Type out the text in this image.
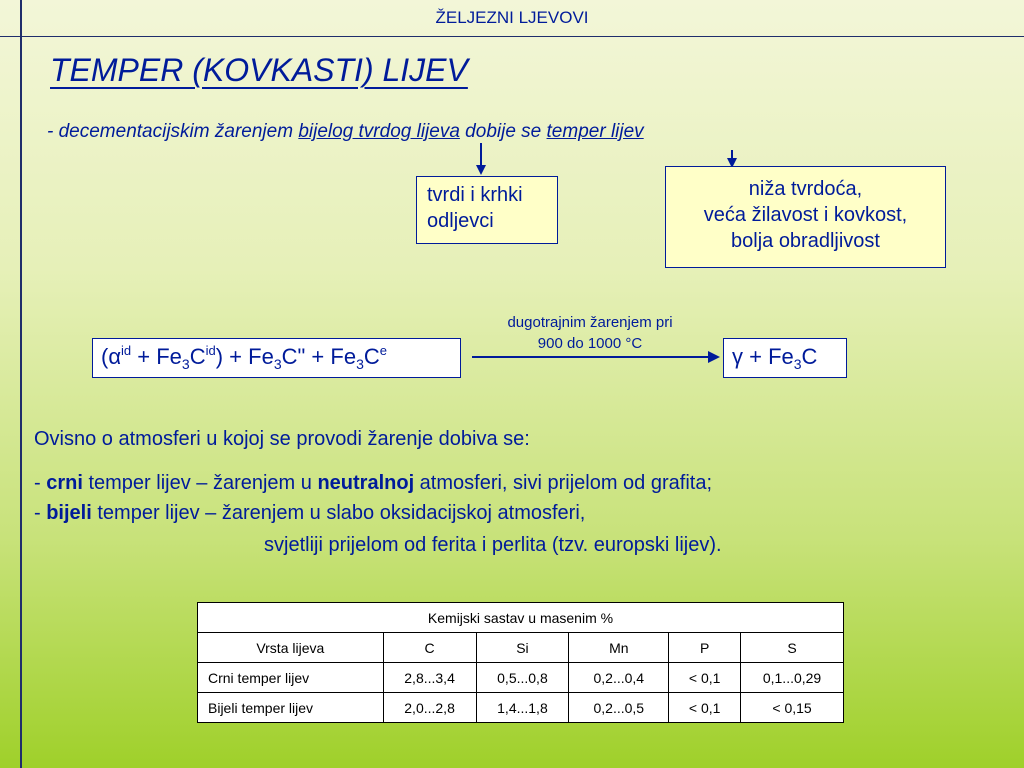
ŽELJEZNI LJEVOVI
TEMPER (KOVKASTI) LIJEV
- decementacijskim žarenjem bijelog tvrdog lijeva dobije se temper lijev
tvrdi i krhki
odljevci
niža tvrdoća,
veća žilavost i kovkost,
bolja obradljivost
dugotrajnim žarenjem pri
900 do 1000 °C
$(\alpha^{id} + Fe_3C^{id}) + Fe_3C$" + $Fe_3C^e$	$\gamma + Fe_3C$
Ovisno o atmosferi u kojoj se provodi žarenje dobiva se:
- crni temper lijev – žarenjem u neutralnoj atmosferi, sivi prijelom od grafita;
- bijeli temper lijev – žarenjem u slabo oksidacijskoj atmosferi,
svjetliji prijelom od ferita i perlita (tzv. europski lijev).
Kemijski sastav u masenim %					
Vrsta lijeva	C	Si	Mn	P	S
Crni temper lijev	2,8...3,4	0,5...0,8	0,2...0,4	< 0,1	0,1...0,29
Bijeli temper lijev	2,0...2,8	1,4...1,8	0,2...0,5	< 0,1	< 0,15
